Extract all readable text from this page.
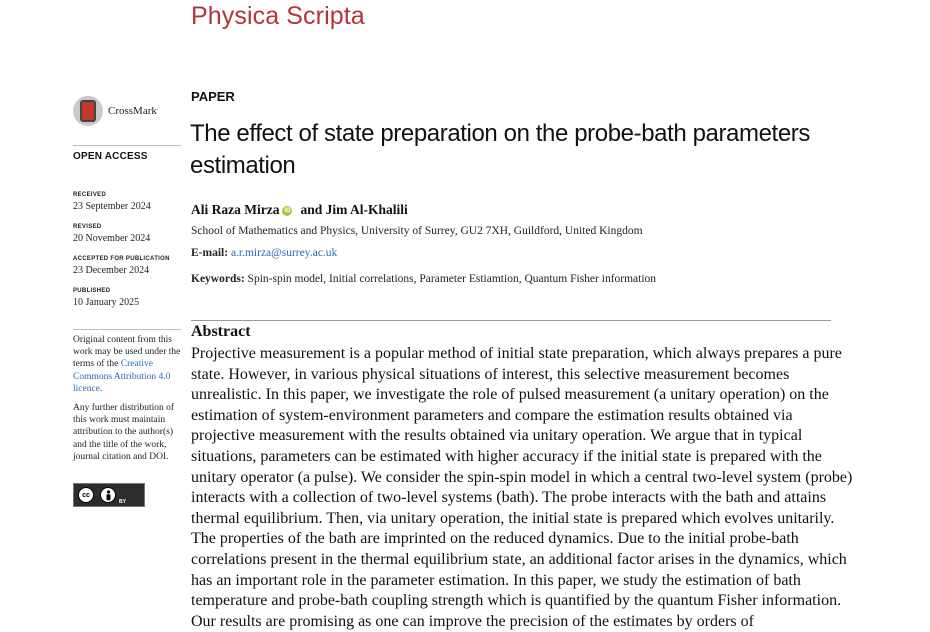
Physica Scripta
CrossMark
OPEN ACCESS
RECEIVED
23 September 2024
REVISED
20 November 2024
ACCEPTED FOR PUBLICATION
23 December 2024
PUBLISHED
10 January 2025

Original content from this work may be used under the terms of the Creative Commons Attribution 4.0 licence.

Any further distribution of this work must maintain attribution to the author(s) and the title of the work, journal citation and DOI.

cc
BY
PAPER
The effect of state preparation on the probe-bath parameters estimation
Ali Raza Mirza iD and Jim Al-Khalili
School of Mathematics and Physics, University of Surrey, GU2 7XH, Guildford, United Kingdom
E-mail: a.r.mirza@surrey.ac.uk
Keywords: Spin-spin model, Initial correlations, Parameter Estiamtion, Quantum Fisher information
Abstract
Projective measurement is a popular method of initial state preparation, which always prepares a pure state. However, in various physical situations of interest, this selective measurement becomes unrealistic. In this paper, we investigate the role of pulsed measurement (a unitary operation) on the estimation of system-environment parameters and compare the estimation results obtained via projective measurement with the results obtained via unitary operation. We argue that in typical situations, parameters can be estimated with higher accuracy if the initial state is prepared with the unitary operator (a pulse). We consider the spin-spin model in which a central two-level system (probe) interacts with a collection of two-level systems (bath). The probe interacts with the bath and attains thermal equilibrium. Then, via unitary operation, the initial state is prepared which evolves unitarily. The properties of the bath are imprinted on the reduced dynamics. Due to the initial probe-bath correlations present in the thermal equilibrium state, an additional factor arises in the dynamics, which has an important role in the parameter estimation. In this paper, we study the estimation of bath temperature and probe-bath coupling strength which is quantified by the quantum Fisher information. Our results are promising as one can improve the precision of the estimates by orders of
